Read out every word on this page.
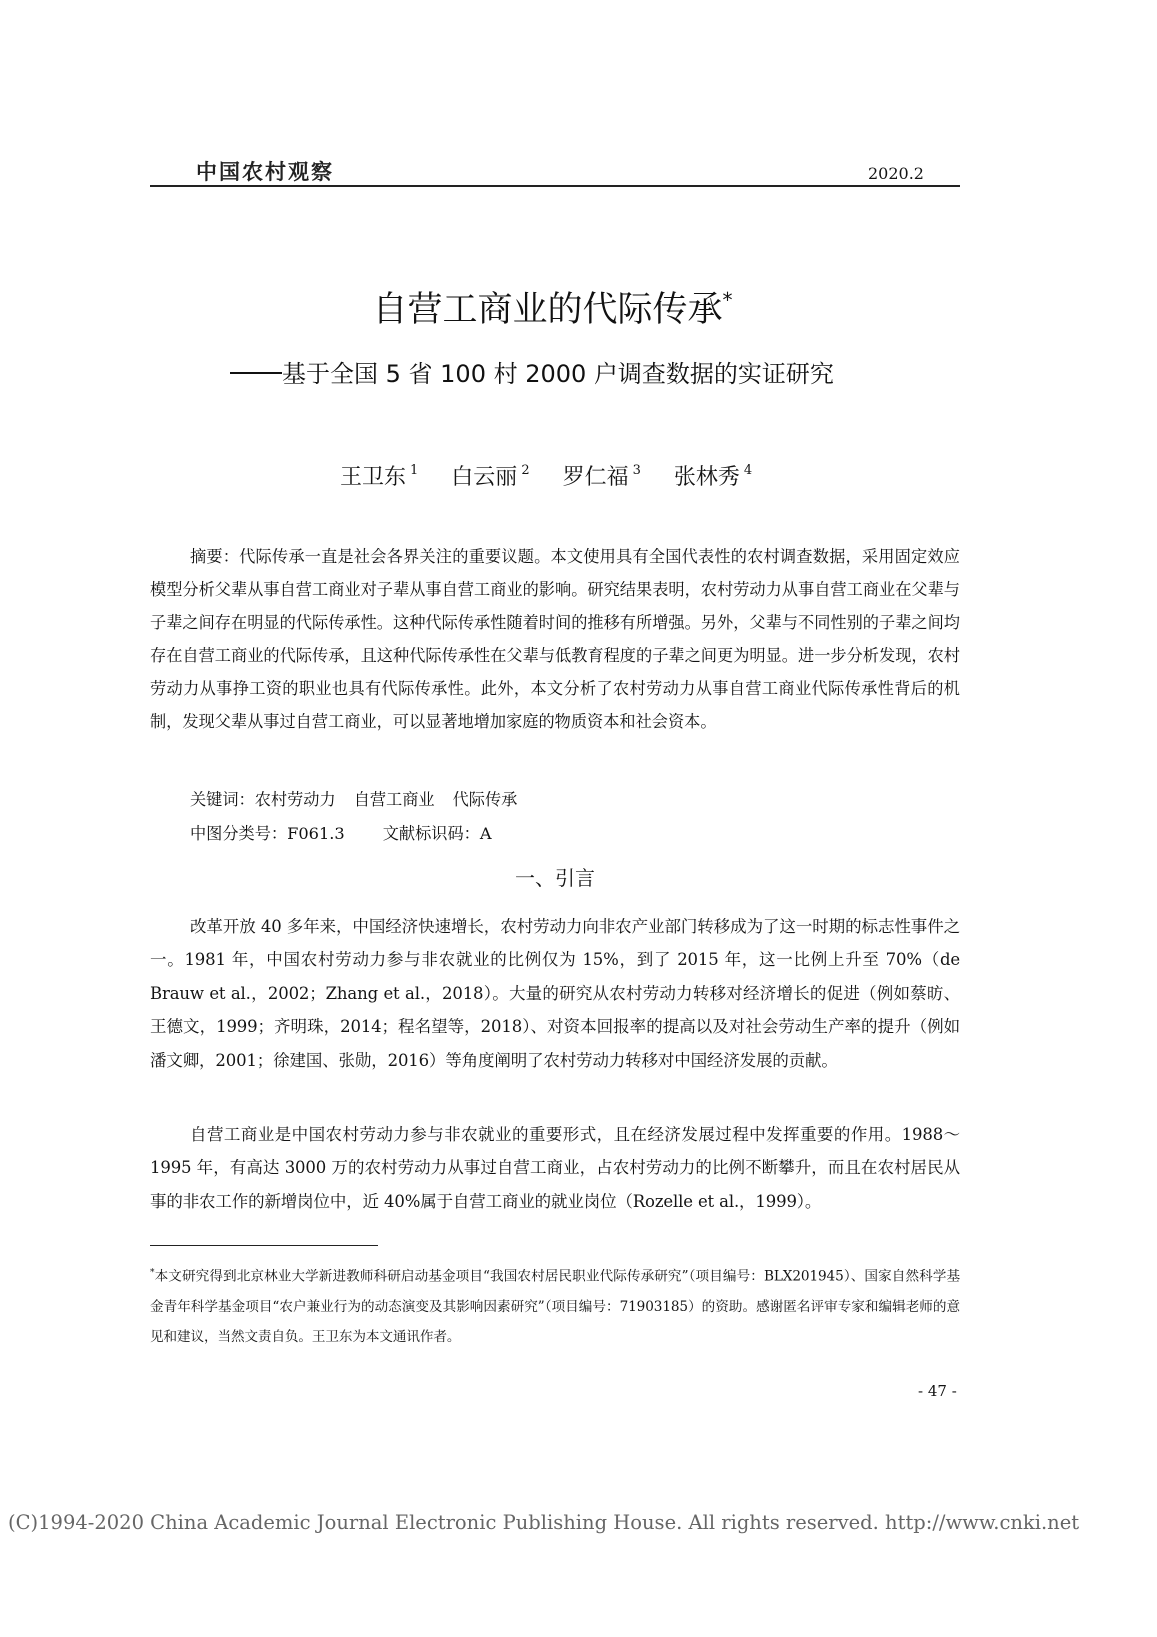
中国农村观察	2020.2
自营工商业的代际传承*
基于全国 5 省 100 村 2000 户调查数据的实证研究
王卫东 $^1$ 白云丽 $^2$ 罗仁福 $^3$ 张林秀 $^4$
摘要：代际传承一直是社会各界关注的重要议题。本文使用具有全国代表性的农村调查数据，采用固定效应模型分析父辈从事自营工商业对子辈从事自营工商业的影响。研究结果表明，农村劳动力从事自营工商业在父辈与子辈之间存在明显的代际传承性。这种代际传承性随着时间的推移有所增强。另外，父辈与不同性别的子辈之间均存在自营工商业的代际传承，且这种代际传承性在父辈与低教育程度的子辈之间更为明显。进一步分析发现，农村劳动力从事挣工资的职业也具有代际传承性。此外，本文分析了农村劳动力从事自营工商业代际传承性背后的机制，发现父辈从事过自营工商业，可以显著地增加家庭的物质资本和社会资本。
关键词：农村劳动力 自营工商业 代际传承
中图分类号：F061.3 文献标识码：A
一、引言
改革开放 40 多年来，中国经济快速增长，农村劳动力向非农产业部门转移成为了这一时期的标志性事件之一。1981 年，中国农村劳动力参与非农就业的比例仅为 15%，到了 2015 年，这一比例上升至 70%（de Brauw et al.，2002；Zhang et al.，2018）。大量的研究从农村劳动力转移对经济增长的促进（例如蔡昉、王德文，1999；齐明珠，2014；程名望等，2018）、对资本回报率的提高以及对社会劳动生产率的提升（例如潘文卿，2001；徐建国、张勋，2016）等角度阐明了农村劳动力转移对中国经济发展的贡献。
自营工商业是中国农村劳动力参与非农就业的重要形式，且在经济发展过程中发挥重要的作用。1988～1995 年，有高达 3000 万的农村劳动力从事过自营工商业，占农村劳动力的比例不断攀升，而且在农村居民从事的非农工作的新增岗位中，近 40%属于自营工商业的就业岗位（Rozelle et al.，1999）。
*本文研究得到北京林业大学新进教师科研启动基金项目“我国农村居民职业代际传承研究”（项目编号：BLX201945）、国家自然科学基金青年科学基金项目“农户兼业行为的动态演变及其影响因素研究”（项目编号：71903185）的资助。感谢匿名评审专家和编辑老师的意见和建议，当然文责自负。王卫东为本文通讯作者。
- 47 -
(C)1994-2020 China Academic Journal Electronic Publishing House. All rights reserved. http://www.cnki.net
